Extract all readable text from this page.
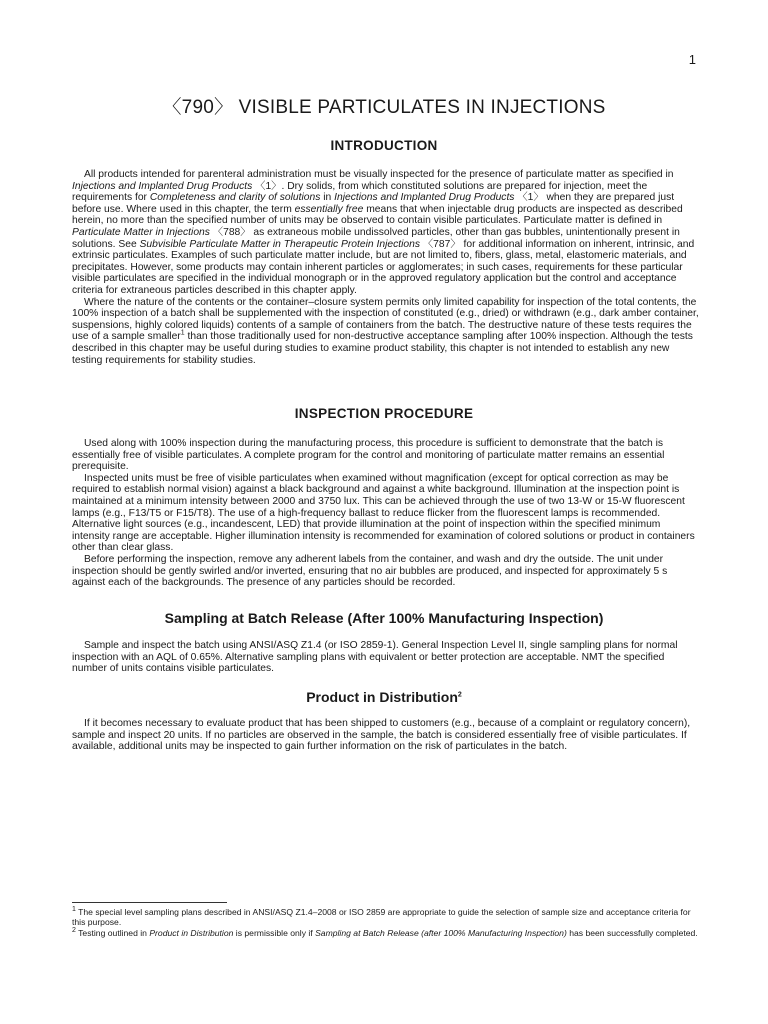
1
〈790〉 VISIBLE PARTICULATES IN INJECTIONS
INTRODUCTION

All products intended for parenteral administration must be visually inspected for the presence of particulate matter as specified in Injections and Implanted Drug Products 〈1〉. Dry solids, from which constituted solutions are prepared for injection, meet the requirements for Completeness and clarity of solutions in Injections and Implanted Drug Products 〈1〉 when they are prepared just before use. Where used in this chapter, the term essentially free means that when injectable drug products are inspected as described herein, no more than the specified number of units may be observed to contain visible particulates. Particulate matter is defined in Particulate Matter in Injections 〈788〉 as extraneous mobile undissolved particles, other than gas bubbles, unintentionally present in solutions. See Subvisible Particulate Matter in Therapeutic Protein Injections 〈787〉 for additional information on inherent, intrinsic, and extrinsic particulates. Examples of such particulate matter include, but are not limited to, fibers, glass, metal, elastomeric materials, and precipitates. However, some products may contain inherent particles or agglomerates; in such cases, requirements for these particular visible particulates are specified in the individual monograph or in the approved regulatory application but the control and acceptance criteria for extraneous particles described in this chapter apply.

Where the nature of the contents or the container–closure system permits only limited capability for inspection of the total contents, the 100% inspection of a batch shall be supplemented with the inspection of constituted (e.g., dried) or withdrawn (e.g., dark amber container, suspensions, highly colored liquids) contents of a sample of containers from the batch. The destructive nature of these tests requires the use of a sample smaller$^1$ than those traditionally used for non-destructive acceptance sampling after 100% inspection. Although the tests described in this chapter may be useful during studies to examine product stability, this chapter is not intended to establish any new testing requirements for stability studies.

INSPECTION PROCEDURE

Used along with 100% inspection during the manufacturing process, this procedure is sufficient to demonstrate that the batch is essentially free of visible particulates. A complete program for the control and monitoring of particulate matter remains an essential prerequisite.

Inspected units must be free of visible particulates when examined without magnification (except for optical correction as may be required to establish normal vision) against a black background and against a white background. Illumination at the inspection point is maintained at a minimum intensity between 2000 and 3750 lux. This can be achieved through the use of two 13-W or 15-W fluorescent lamps (e.g., F13/T5 or F15/T8). The use of a high-frequency ballast to reduce flicker from the fluorescent lamps is recommended. Alternative light sources (e.g., incandescent, LED) that provide illumination at the point of inspection within the specified minimum intensity range are acceptable. Higher illumination intensity is recommended for examination of colored solutions or product in containers other than clear glass.

Before performing the inspection, remove any adherent labels from the container, and wash and dry the outside. The unit under inspection should be gently swirled and/or inverted, ensuring that no air bubbles are produced, and inspected for approximately 5 s against each of the backgrounds. The presence of any particles should be recorded.

Sampling at Batch Release (After 100% Manufacturing Inspection)

Sample and inspect the batch using ANSI/ASQ Z1.4 (or ISO 2859-1). General Inspection Level II, single sampling plans for normal inspection with an AQL of 0.65%. Alternative sampling plans with equivalent or better protection are acceptable. NMT the specified number of units contains visible particulates.

Product in Distribution$^2$

If it becomes necessary to evaluate product that has been shipped to customers (e.g., because of a complaint or regulatory concern), sample and inspect 20 units. If no particles are observed in the sample, the batch is considered essentially free of visible particulates. If available, additional units may be inspected to gain further information on the risk of particulates in the batch.

$^1$ The special level sampling plans described in ANSI/ASQ Z1.4–2008 or ISO 2859 are appropriate to guide the selection of sample size and acceptance criteria for this purpose.
$^2$ Testing outlined in Product in Distribution is permissible only if Sampling at Batch Release (after 100% Manufacturing Inspection) has been successfully completed.
